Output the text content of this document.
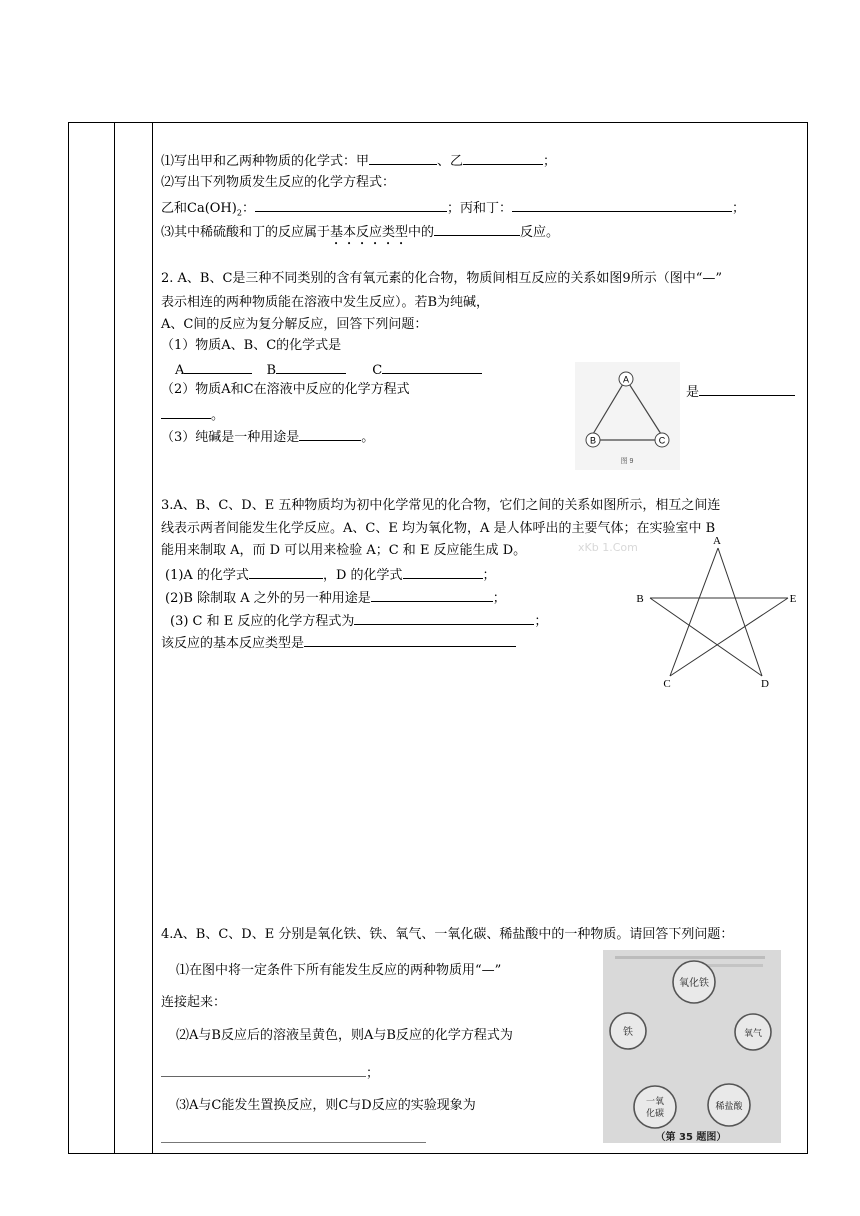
⑴写出甲和乙两种物质的化学式：甲	、乙	；
⑵写出下列物质发生反应的化学方程式：
乙和$Ca(OH)_2$：	；丙和丁：	；
⑶其中稀硫酸和丁的反应属于基本反应类型中的	反应。
2. A、B、C是三种不同类别的含有氧元素的化合物，物质间相互反应的关系如图9所示（图中“—”
表示相连的两种物质能在溶液中发生反应）。若B为纯碱，
A、C间的反应为复分解反应，回答下列问题：
（1）物质A、B、C的化学式是
A	B	C
（2）物质A和C在溶液中反应的化学方程式	是
。
（3）纯碱是一种用途是	。
A
B	C
图 9
3.A、B、C、D、E 五种物质均为初中化学常见的化合物，它们之间的关系如图所示，相互之间连
线表示两者间能发生化学反应。A、C、E 均为氧化物，A 是人体呼出的主要气体；在实验室中 B
能用来制取 A，而 D 可以用来检验 A；C 和 E 反应能生成 D。	xKb 1.Com
(1)A 的化学式	，D 的化学式	；
(2)B 除制取 A 之外的另一种用途是	；
(3) C 和 E 反应的化学方程式为	；
该反应的基本反应类型是
A
B	E
C	D
4.A、B、C、D、E 分别是氧化铁、铁、氧气、一氧化碳、稀盐酸中的一种物质。请回答下列问题：
⑴在图中将一定条件下所有能发生反应的两种物质用“—”
连接起来：
⑵A与B反应后的溶液呈黄色，则A与B反应的化学方程式为
；
⑶A与C能发生置换反应，则C与D反应的实验现象为
氧化铁
铁	氧气
一氧
化碳
稀盐酸
（第 35 题图）
